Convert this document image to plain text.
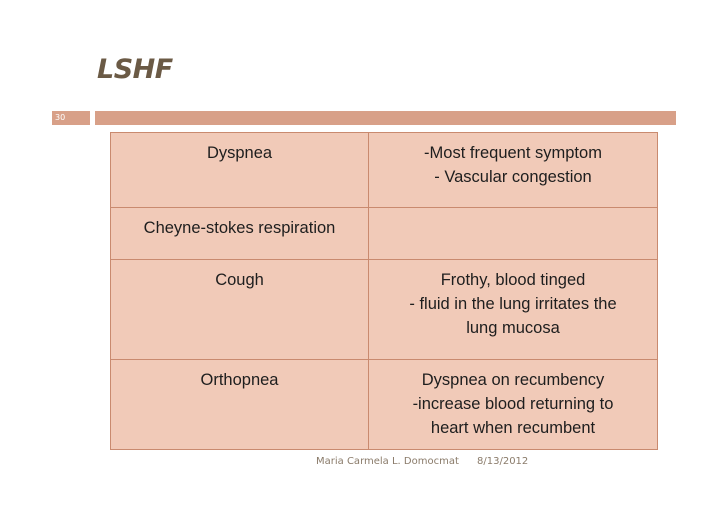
LSHF
30
Dyspnea	-Most frequent symptom
- Vascular congestion

Cheyne-stokes respiration	

Cough	Frothy, blood tinged
- fluid in the lung irritates the
lung mucosa

Orthopnea	Dyspnea on recumbency
-increase blood returning to
heart when recumbent
Maria Carmela L. Domocmat 8/13/2012
